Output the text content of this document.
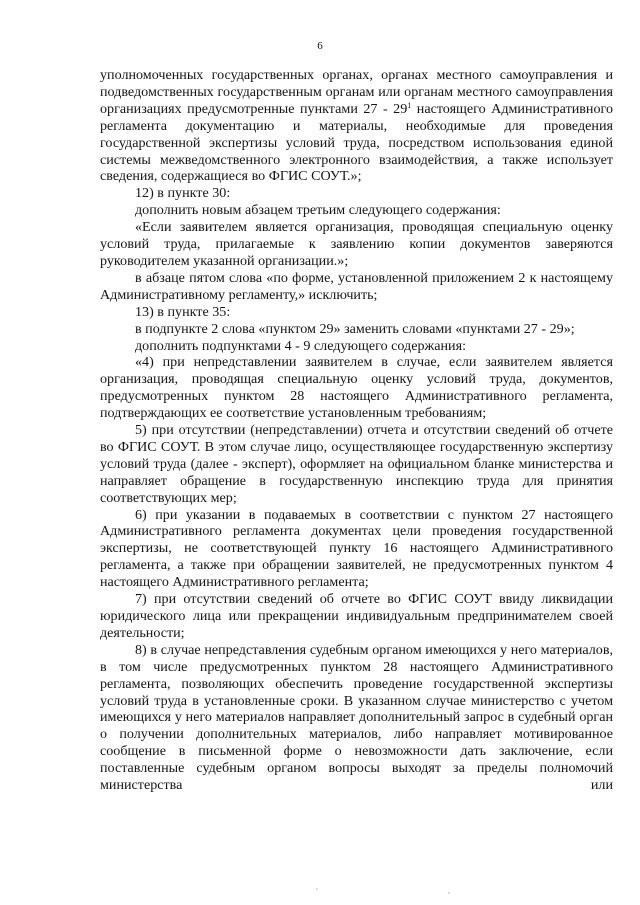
6

уполномоченных государственных органах, органах местного самоуправления и подведомственных государственным органам или органам местного самоуправления организациях предусмотренные пунктами $27 - 29^1$ настоящего Административного регламента документацию и материалы, необходимые для проведения государственной экспертизы условий труда, посредством использования единой системы межведомственного электронного взаимодействия, а также использует сведения, содержащиеся во ФГИС СОУТ.»;

12) в пункте 30:

дополнить новым абзацем третьим следующего содержания:

«Если заявителем является организация, проводящая специальную оценку условий труда, прилагаемые к заявлению копии документов заверяются руководителем указанной организации.»;

в абзаце пятом слова «по форме, установленной приложением 2 к настоящему Административному регламенту,» исключить;

13) в пункте 35:

в подпункте 2 слова «пунктом 29» заменить словами «пунктами 27 - 29»;

дополнить подпунктами 4 - 9 следующего содержания:

«4) при непредставлении заявителем в случае, если заявителем является организация, проводящая специальную оценку условий труда, документов, предусмотренных пунктом 28 настоящего Административного регламента, подтверждающих ее соответствие установленным требованиям;

5) при отсутствии (непредставлении) отчета и отсутствии сведений об отчете во ФГИС СОУТ. В этом случае лицо, осуществляющее государственную экспертизу условий труда (далее - эксперт), оформляет на официальном бланке министерства и направляет обращение в государственную инспекцию труда для принятия соответствующих мер;

6) при указании в подаваемых в соответствии с пунктом 27 настоящего Административного регламента документах цели проведения государственной экспертизы, не соответствующей пункту 16 настоящего Административного регламента, а также при обращении заявителей, не предусмотренных пунктом 4 настоящего Административного регламента;

7) при отсутствии сведений об отчете во ФГИС СОУТ ввиду ликвидации юридического лица или прекращении индивидуальным предпринимателем своей деятельности;

8) в случае непредставления судебным органом имеющихся у него материалов, в том числе предусмотренных пунктом 28 настоящего Административного регламента, позволяющих обеспечить проведение государственной экспертизы условий труда в установленные сроки. В указанном случае министерство с учетом имеющихся у него материалов направляет дополнительный запрос в судебный орган о получении дополнительных материалов, либо направляет мотивированное сообщение в письменной форме о невозможности дать заключение, если поставленные судебным органом вопросы выходят за пределы полномочий министерства или
